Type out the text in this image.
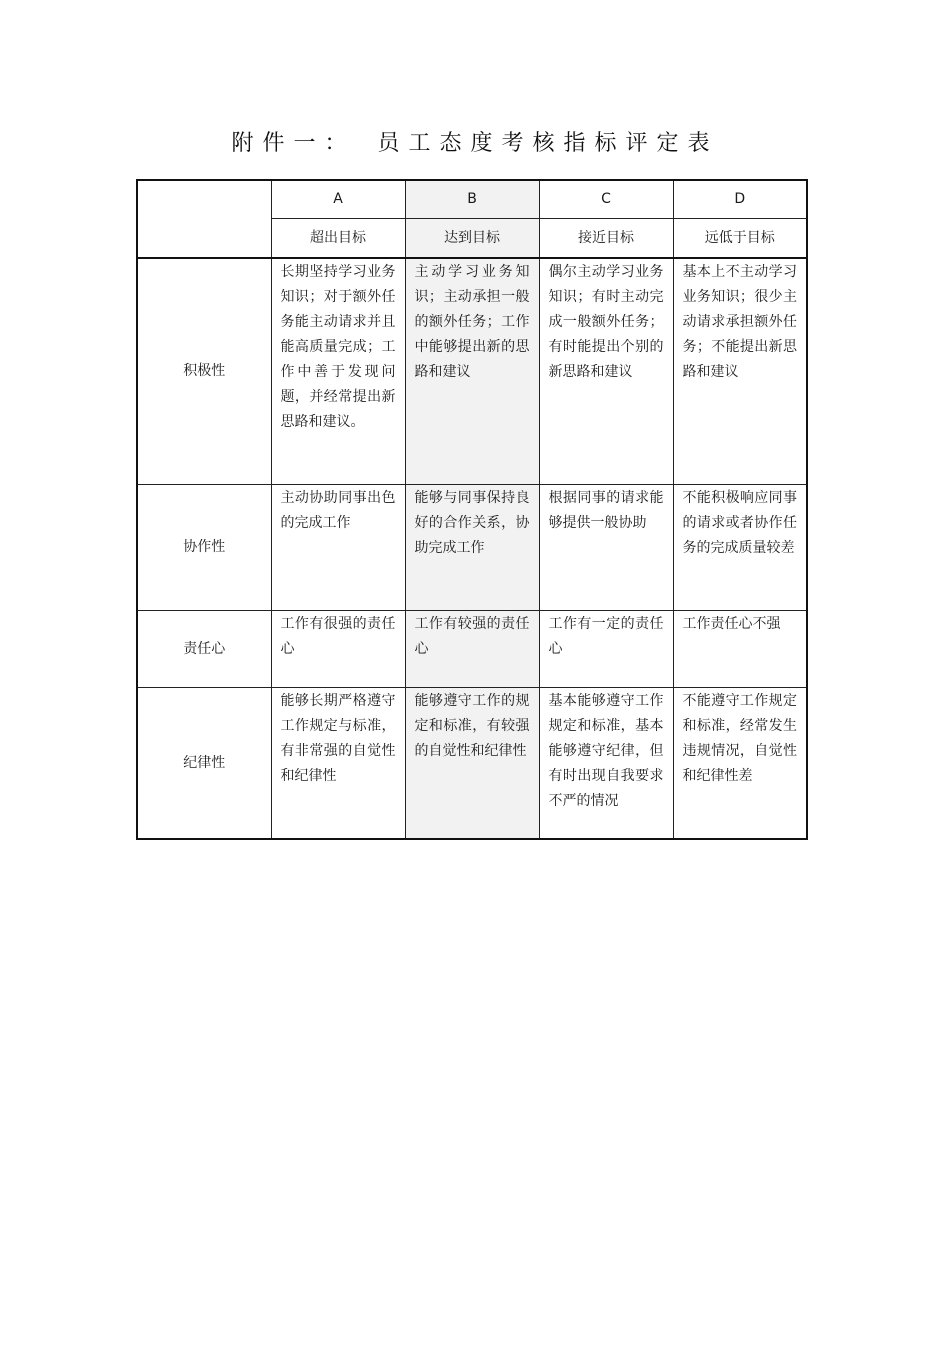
附件一： 员工态度考核指标评定表
	A	B	C	D
	超出目标	达到目标	接近目标	远低于目标
积极性	长期坚持学习业务知识；对于额外任务能主动请求并且能高质量完成；工作中善于发现问题，并经常提出新思路和建议。	主动学习业务知识；主动承担一般的额外任务；工作中能够提出新的思路和建议	偶尔主动学习业务知识；有时主动完成一般额外任务；有时能提出个别的新思路和建议	基本上不主动学习业务知识；很少主动请求承担额外任务；不能提出新思路和建议
协作性	主动协助同事出色的完成工作	能够与同事保持良好的合作关系，协助完成工作	根据同事的请求能够提供一般协助	不能积极响应同事的请求或者协作任务的完成质量较差
责任心	工作有很强的责任心	工作有较强的责任心	工作有一定的责任心	工作责任心不强
纪律性	能够长期严格遵守工作规定与标准，有非常强的自觉性和纪律性	能够遵守工作的规定和标准，有较强的自觉性和纪律性	基本能够遵守工作规定和标准，基本能够遵守纪律，但有时出现自我要求不严的情况	不能遵守工作规定和标准，经常发生违规情况，自觉性和纪律性差
